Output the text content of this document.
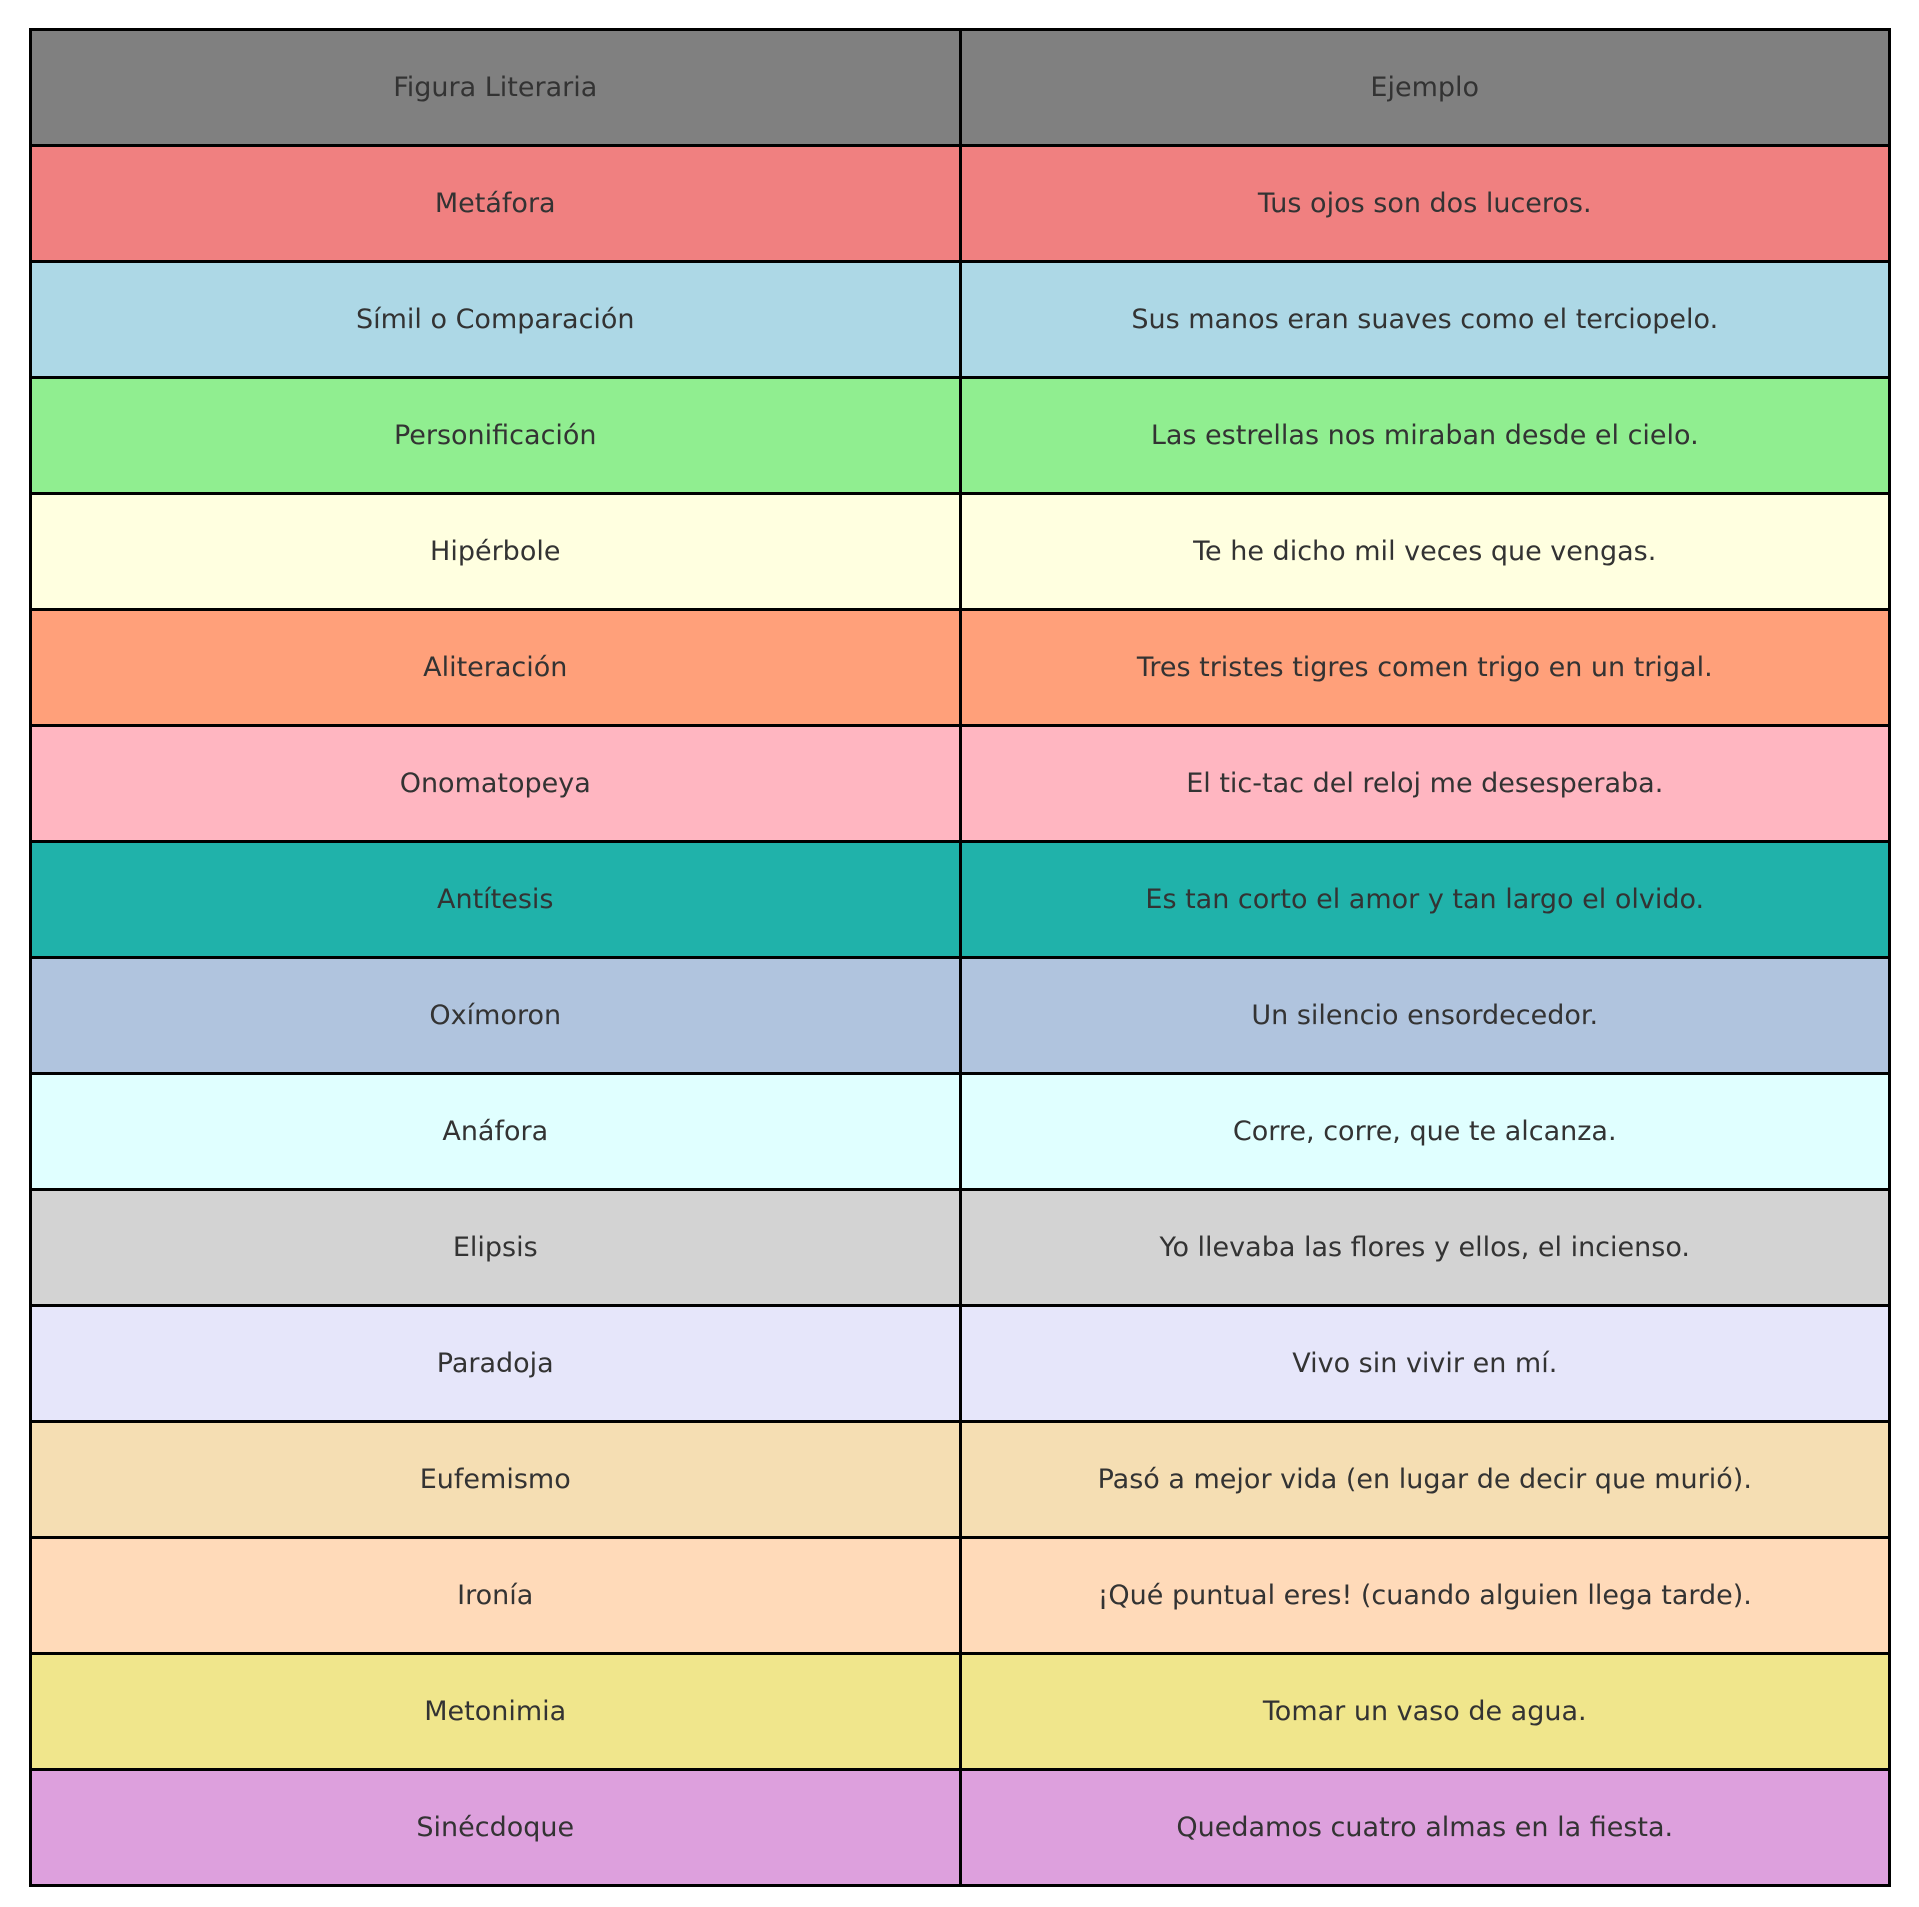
Figura Literaria	Ejemplo
Metáfora	Tus ojos son dos luceros.
Símil o Comparación	Sus manos eran suaves como el terciopelo.
Personificación	Las estrellas nos miraban desde el cielo.
Hipérbole	Te he dicho mil veces que vengas.
Aliteración	Tres tristes tigres comen trigo en un trigal.
Onomatopeya	El tic-tac del reloj me desesperaba.
Antítesis	Es tan corto el amor y tan largo el olvido.
Oxímoron	Un silencio ensordecedor.
Anáfora	Corre, corre, que te alcanza.
Elipsis	Yo llevaba las flores y ellos, el incienso.
Paradoja	Vivo sin vivir en mí.
Eufemismo	Pasó a mejor vida (en lugar de decir que murió).
Ironía	¡Qué puntual eres! (cuando alguien llega tarde).
Metonimia	Tomar un vaso de agua.
Sinécdoque	Quedamos cuatro almas en la fiesta.
